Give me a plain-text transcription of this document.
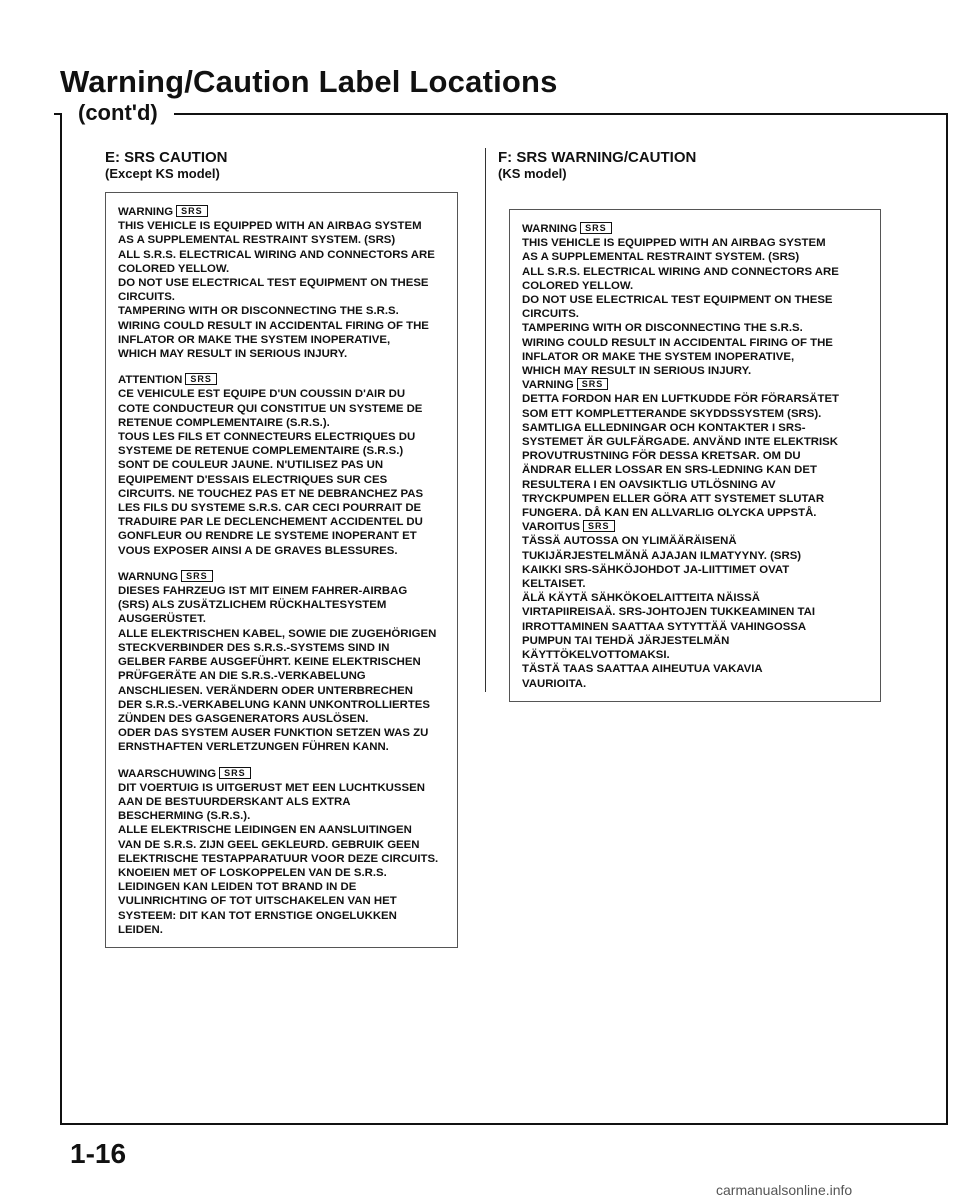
Warning/Caution Label Locations
(cont'd)
E: SRS CAUTION
(Except KS model)
WARNING SRS
THIS VEHICLE IS EQUIPPED WITH AN AIRBAG SYSTEM
AS A SUPPLEMENTAL RESTRAINT SYSTEM. (SRS)
ALL S.R.S. ELECTRICAL WIRING AND CONNECTORS ARE
COLORED YELLOW.
DO NOT USE ELECTRICAL TEST EQUIPMENT ON THESE
CIRCUITS.
TAMPERING WITH OR DISCONNECTING THE S.R.S.
WIRING COULD RESULT IN ACCIDENTAL FIRING OF THE
INFLATOR OR MAKE THE SYSTEM INOPERATIVE,
WHICH MAY RESULT IN SERIOUS INJURY.
ATTENTION SRS
CE VEHICULE EST EQUIPE D'UN COUSSIN D'AIR DU
COTE CONDUCTEUR QUI CONSTITUE UN SYSTEME DE
RETENUE COMPLEMENTAIRE (S.R.S.).
TOUS LES FILS ET CONNECTEURS ELECTRIQUES DU
SYSTEME DE RETENUE COMPLEMENTAIRE (S.R.S.)
SONT DE COULEUR JAUNE. N'UTILISEZ PAS UN
EQUIPEMENT D'ESSAIS ELECTRIQUES SUR CES
CIRCUITS. NE TOUCHEZ PAS ET NE DEBRANCHEZ PAS
LES FILS DU SYSTEME S.R.S. CAR CECI POURRAIT DE
TRADUIRE PAR LE DECLENCHEMENT ACCIDENTEL DU
GONFLEUR OU RENDRE LE SYSTEME INOPERANT ET
VOUS EXPOSER AINSI A DE GRAVES BLESSURES.
WARNUNG SRS
DIESES FAHRZEUG IST MIT EINEM FAHRER-AIRBAG
(SRS) ALS ZUSÄTZLICHEM RÜCKHALTESYSTEM
AUSGERÜSTET.
ALLE ELEKTRISCHEN KABEL, SOWIE DIE ZUGEHÖRIGEN
STECKVERBINDER DES S.R.S.-SYSTEMS SIND IN
GELBER FARBE AUSGEFÜHRT. KEINE ELEKTRISCHEN
PRÜFGERÄTE AN DIE S.R.S.-VERKABELUNG
ANSCHLIESEN. VERÄNDERN ODER UNTERBRECHEN
DER S.R.S.-VERKABELUNG KANN UNKONTROLLIERTES
ZÜNDEN DES GASGENERATORS AUSLÖSEN.
ODER DAS SYSTEM AUSER FUNKTION SETZEN WAS ZU
ERNSTHAFTEN VERLETZUNGEN FÜHREN KANN.
WAARSCHUWING SRS
DIT VOERTUIG IS UITGERUST MET EEN LUCHTKUSSEN
AAN DE BESTUURDERSKANT ALS EXTRA
BESCHERMING (S.R.S.).
ALLE ELEKTRISCHE LEIDINGEN EN AANSLUITINGEN
VAN DE S.R.S. ZIJN GEEL GEKLEURD. GEBRUIK GEEN
ELEKTRISCHE TESTAPPARATUUR VOOR DEZE CIRCUITS.
KNOEIEN MET OF LOSKOPPELEN VAN DE S.R.S.
LEIDINGEN KAN LEIDEN TOT BRAND IN DE
VULINRICHTING OF TOT UITSCHAKELEN VAN HET
SYSTEEM: DIT KAN TOT ERNSTIGE ONGELUKKEN
LEIDEN.
F: SRS WARNING/CAUTION
(KS model)
WARNING SRS
THIS VEHICLE IS EQUIPPED WITH AN AIRBAG SYSTEM
AS A SUPPLEMENTAL RESTRAINT SYSTEM. (SRS)
ALL S.R.S. ELECTRICAL WIRING AND CONNECTORS ARE
COLORED YELLOW.
DO NOT USE ELECTRICAL TEST EQUIPMENT ON THESE
CIRCUITS.
TAMPERING WITH OR DISCONNECTING THE S.R.S.
WIRING COULD RESULT IN ACCIDENTAL FIRING OF THE
INFLATOR OR MAKE THE SYSTEM INOPERATIVE,
WHICH MAY RESULT IN SERIOUS INJURY.
VARNING SRS
DETTA FORDON HAR EN LUFTKUDDE FÖR FÖRARSÄTET
SOM ETT KOMPLETTERANDE SKYDDSSYSTEM (SRS).
SAMTLIGA ELLEDNINGAR OCH KONTAKTER I SRS-
SYSTEMET ÄR GULFÄRGADE. ANVÄND INTE ELEKTRISK
PROVUTRUSTNING FÖR DESSA KRETSAR. OM DU
ÄNDRAR ELLER LOSSAR EN SRS-LEDNING KAN DET
RESULTERA I EN OAVSIKTLIG UTLÖSNING AV
TRYCKPUMPEN ELLER GÖRA ATT SYSTEMET SLUTAR
FUNGERA. DÅ KAN EN ALLVARLIG OLYCKA UPPSTÅ.
VAROITUS SRS
TÄSSÄ AUTOSSA ON YLIMÄÄRÄISENÄ
TUKIJÄRJESTELMÄNÄ AJAJAN ILMATYYNY. (SRS)
KAIKKI SRS-SÄHKÖJOHDOT JA-LIITTIMET OVAT
KELTAISET.
ÄLÄ KÄYTÄ SÄHKÖKOELAITTEITA NÄISSÄ
VIRTAPIIREISAÄ. SRS-JOHTOJEN TUKKEAMINEN TAI
IRROTTAMINEN SAATTAA SYTYTTÄÄ VAHINGOSSA
PUMPUN TAI TEHDÄ JÄRJESTELMÄN
KÄYTTÖKELVOTTOMAKSI.
TÄSTÄ TAAS SAATTAA AIHEUTUA VAKAVIA
VAURIOITA.
1-16
carmanualsonline.info
